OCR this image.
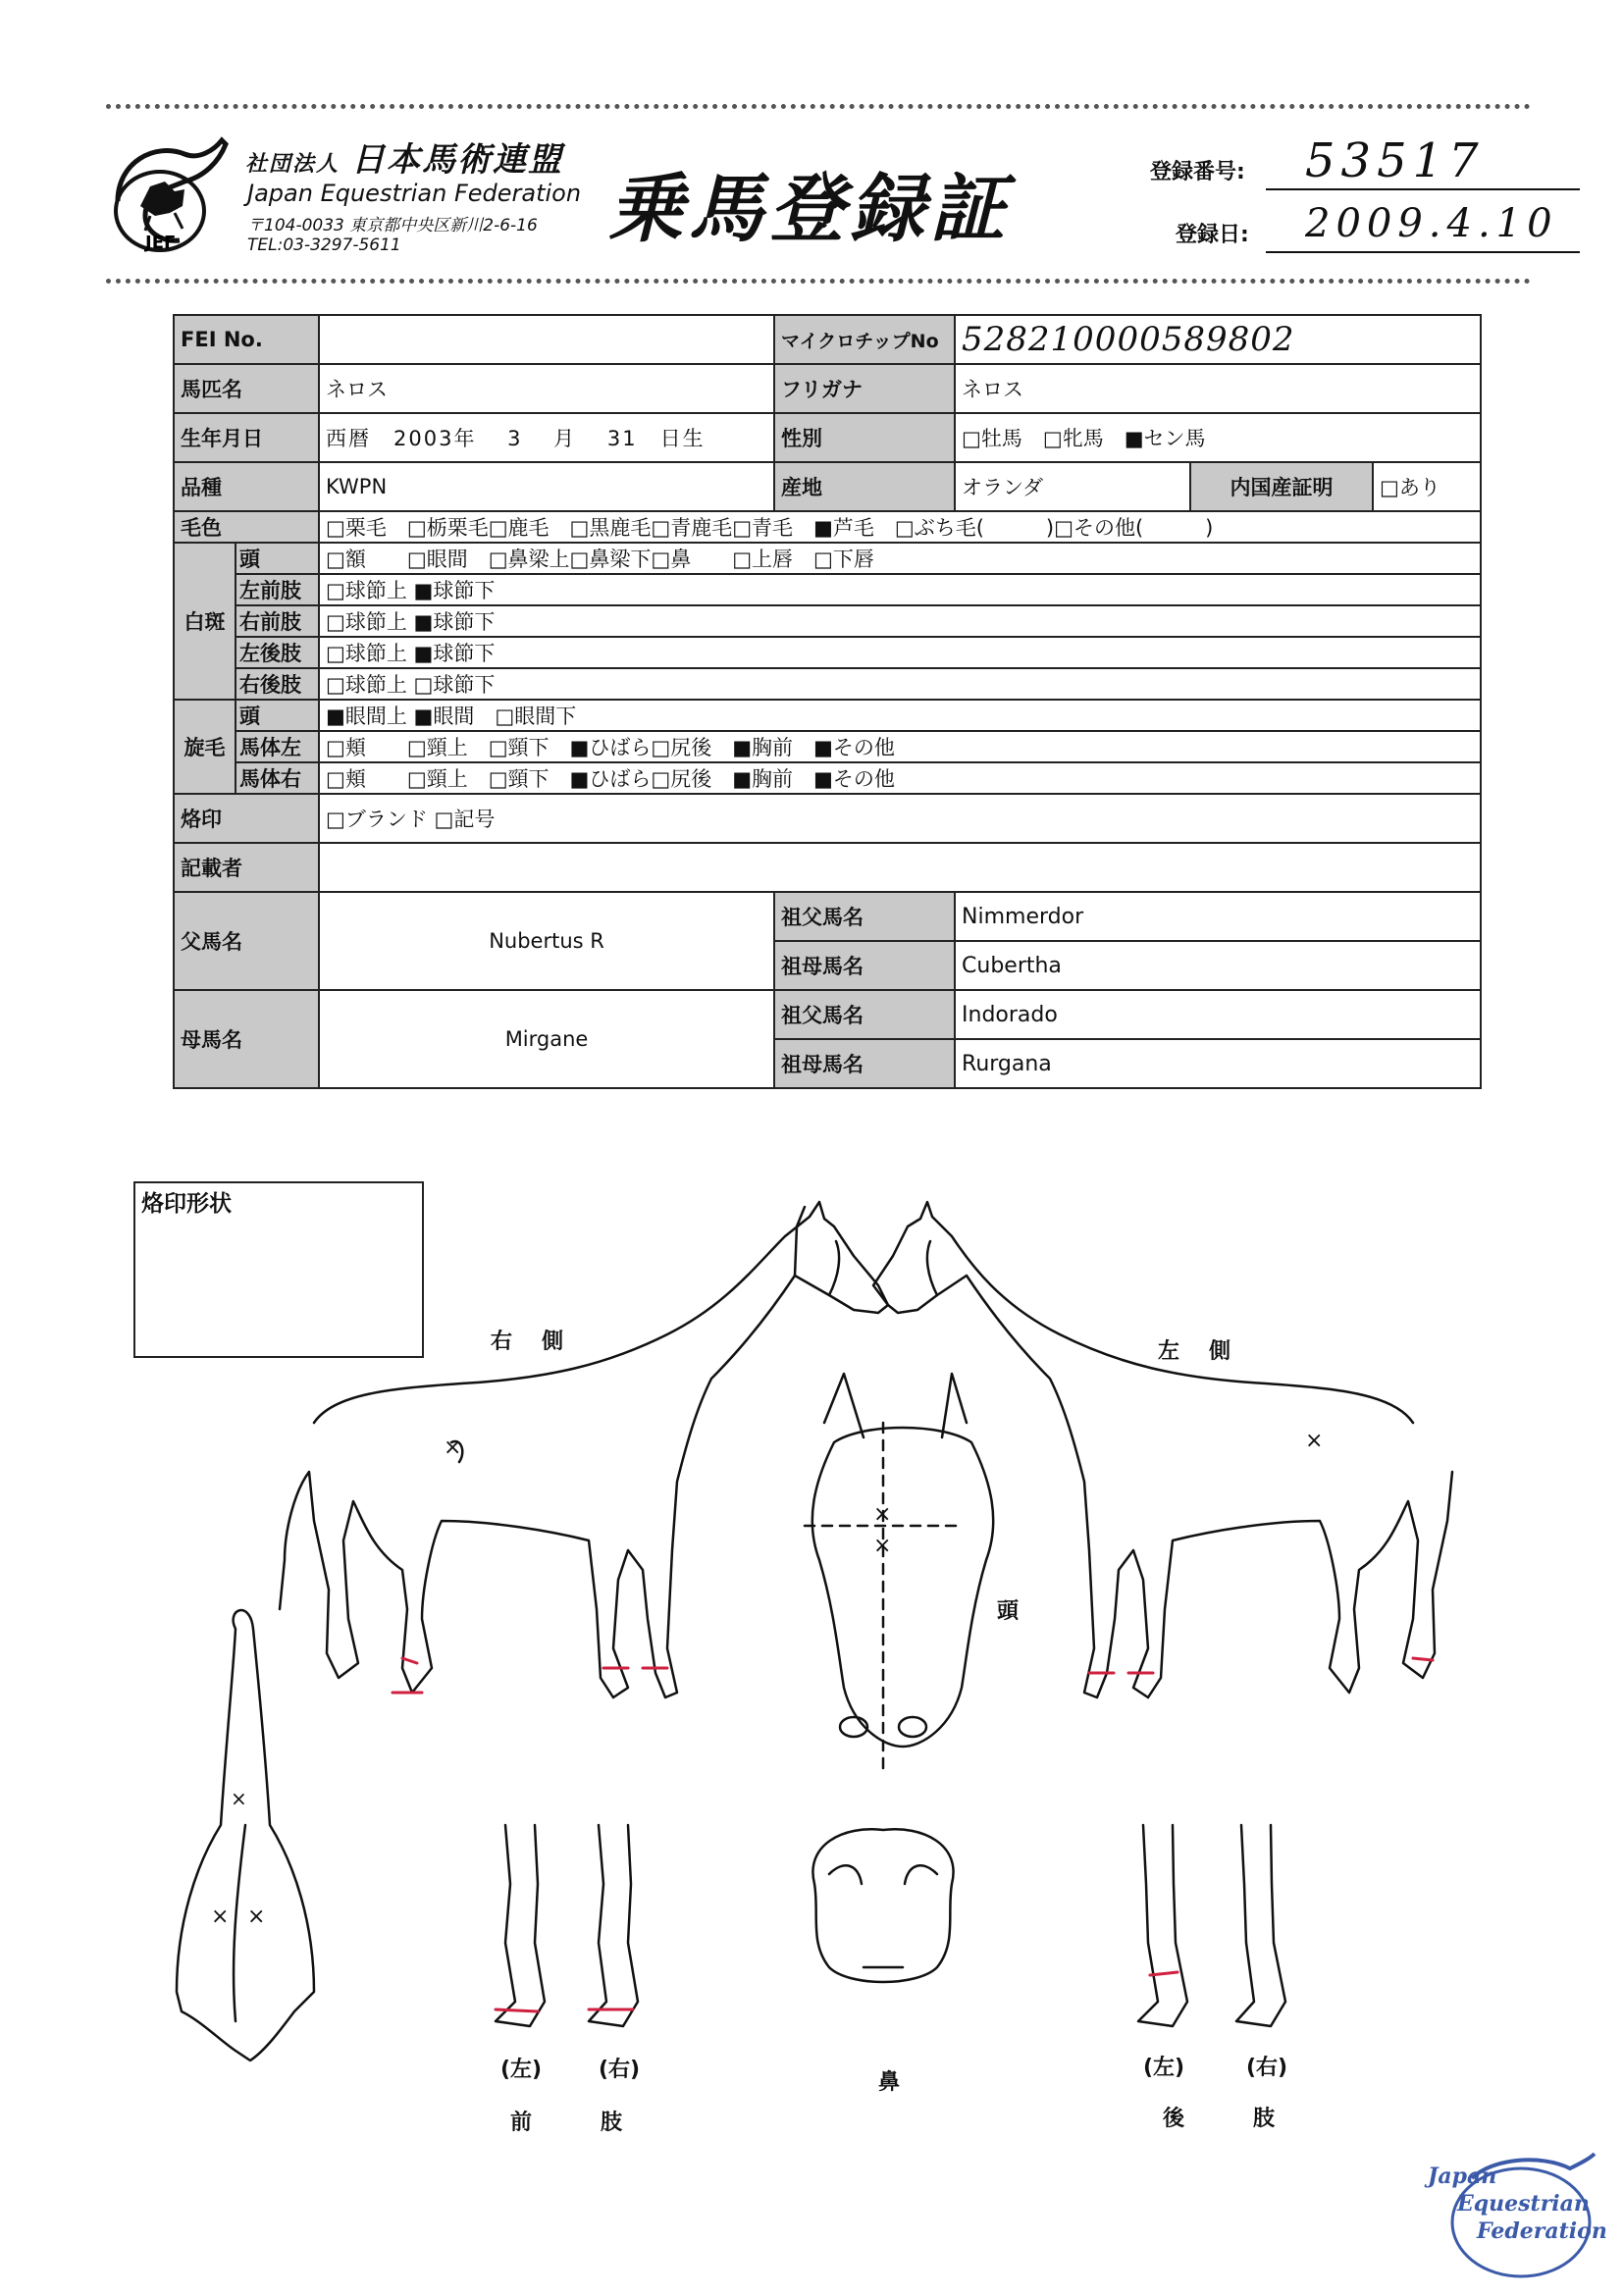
JEF
社団法人 日本馬術連盟
Japan Equestrian Federation
〒104-0033 東京都中央区新川2-6-16
TEL:03-3297-5611	乗馬登録証	登録番号:	53517
登録日:	2009.4.10
FEI No.			マイクロチップNo	528210000589802		
馬匹名		ネロス	フリガナ	ネロス		
生年月日		西暦　2003年　 3　 月　 31　日生	性別	□牡馬　□牝馬　■セン馬		
品種		KWPN	産地	オランダ	内国産証明	□あり
毛色		□栗毛　□栃栗毛□鹿毛　□黒鹿毛□青鹿毛□青毛　■芦毛　□ぶち毛(　　　)□その他(　　　)				
白斑	頭	□額　　□眼間　□鼻梁上□鼻梁下□鼻　　□上唇　□下唇				
	左前肢	□球節上 ■球節下				
	右前肢	□球節上 ■球節下				
	左後肢	□球節上 ■球節下				
	右後肢	□球節上 □球節下				
旋毛	頭	■眼間上 ■眼間　□眼間下				
	馬体左	□頬　　□頸上　□頸下　■ひばら□尻後　■胸前　■その他				
	馬体右	□頬　　□頸上　□頸下　■ひばら□尻後　■胸前　■その他				
烙印		□ブランド □記号				
記載者						
父馬名		Nubertus R	祖父馬名	Nimmerdor		
			祖母馬名	Cubertha		
母馬名		Mirgane	祖父馬名	Indorado		
			祖母馬名	Rurgana		
烙印形状
右側	左側
頭
鼻
(左)	(右)
前肢
(左)	(右)
後肢
×	×
×
×
×
× ×
Japan
Equestrian
Federation
